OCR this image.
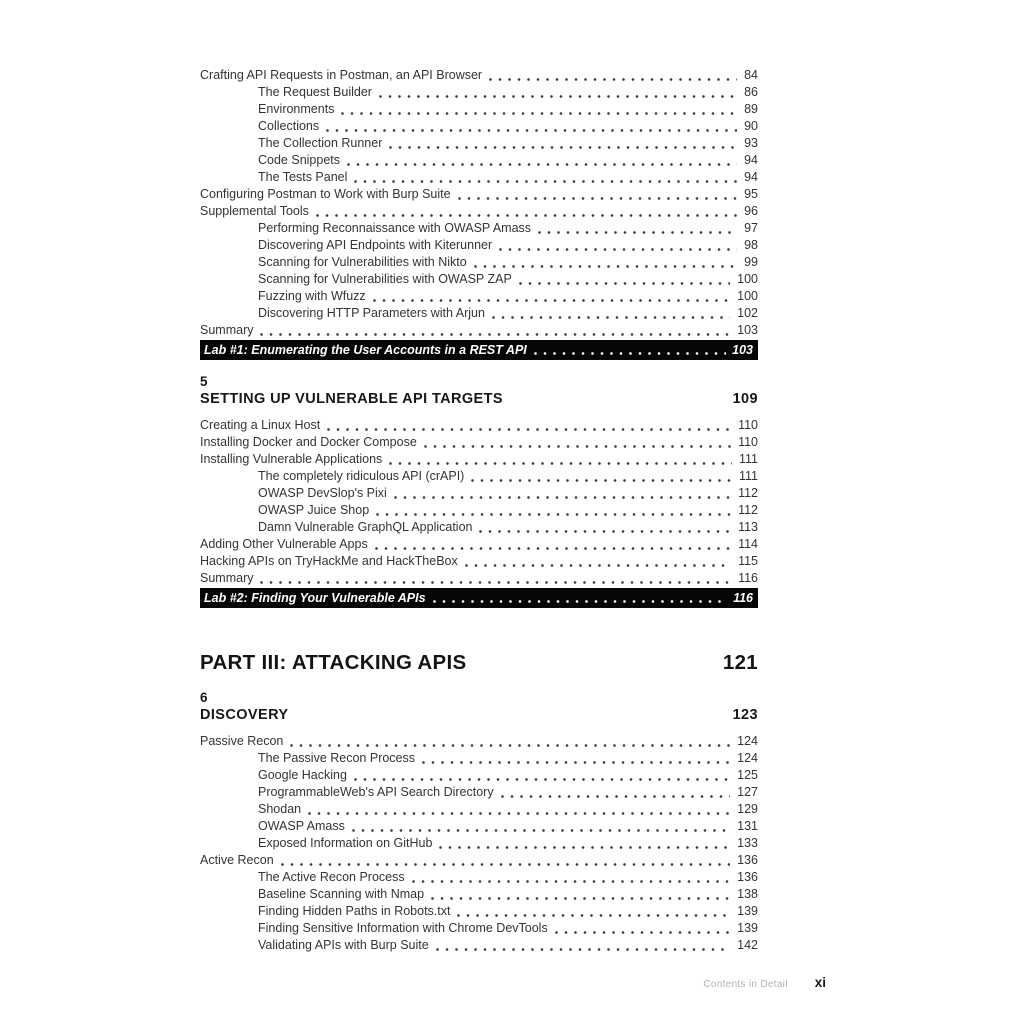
Crafting API Requests in Postman, an API Browser	84
The Request Builder	86
Environments	89
Collections	90
The Collection Runner	93
Code Snippets	94
The Tests Panel	94
Configuring Postman to Work with Burp Suite	95
Supplemental Tools	96
Performing Reconnaissance with OWASP Amass	97
Discovering API Endpoints with Kiterunner	98
Scanning for Vulnerabilities with Nikto	99
Scanning for Vulnerabilities with OWASP ZAP	100
Fuzzing with Wfuzz	100
Discovering HTTP Parameters with Arjun	102
Summary	103
Lab #1: Enumerating the User Accounts in a REST API	103
5
SETTING UP VULNERABLE API TARGETS	109
Creating a Linux Host	110
Installing Docker and Docker Compose	110
Installing Vulnerable Applications	111
The completely ridiculous API (crAPI)	111
OWASP DevSlop's Pixi	112
OWASP Juice Shop	112
Damn Vulnerable GraphQL Application	113
Adding Other Vulnerable Apps	114
Hacking APIs on TryHackMe and HackTheBox	115
Summary	116
Lab #2: Finding Your Vulnerable APIs	116
PART III: ATTACKING APIS	121
6
DISCOVERY	123
Passive Recon	124
The Passive Recon Process	124
Google Hacking	125
ProgrammableWeb's API Search Directory	127
Shodan	129
OWASP Amass	131
Exposed Information on GitHub	133
Active Recon	136
The Active Recon Process	136
Baseline Scanning with Nmap	138
Finding Hidden Paths in Robots.txt	139
Finding Sensitive Information with Chrome DevTools	139
Validating APIs with Burp Suite	142
Contents in Detail xi
